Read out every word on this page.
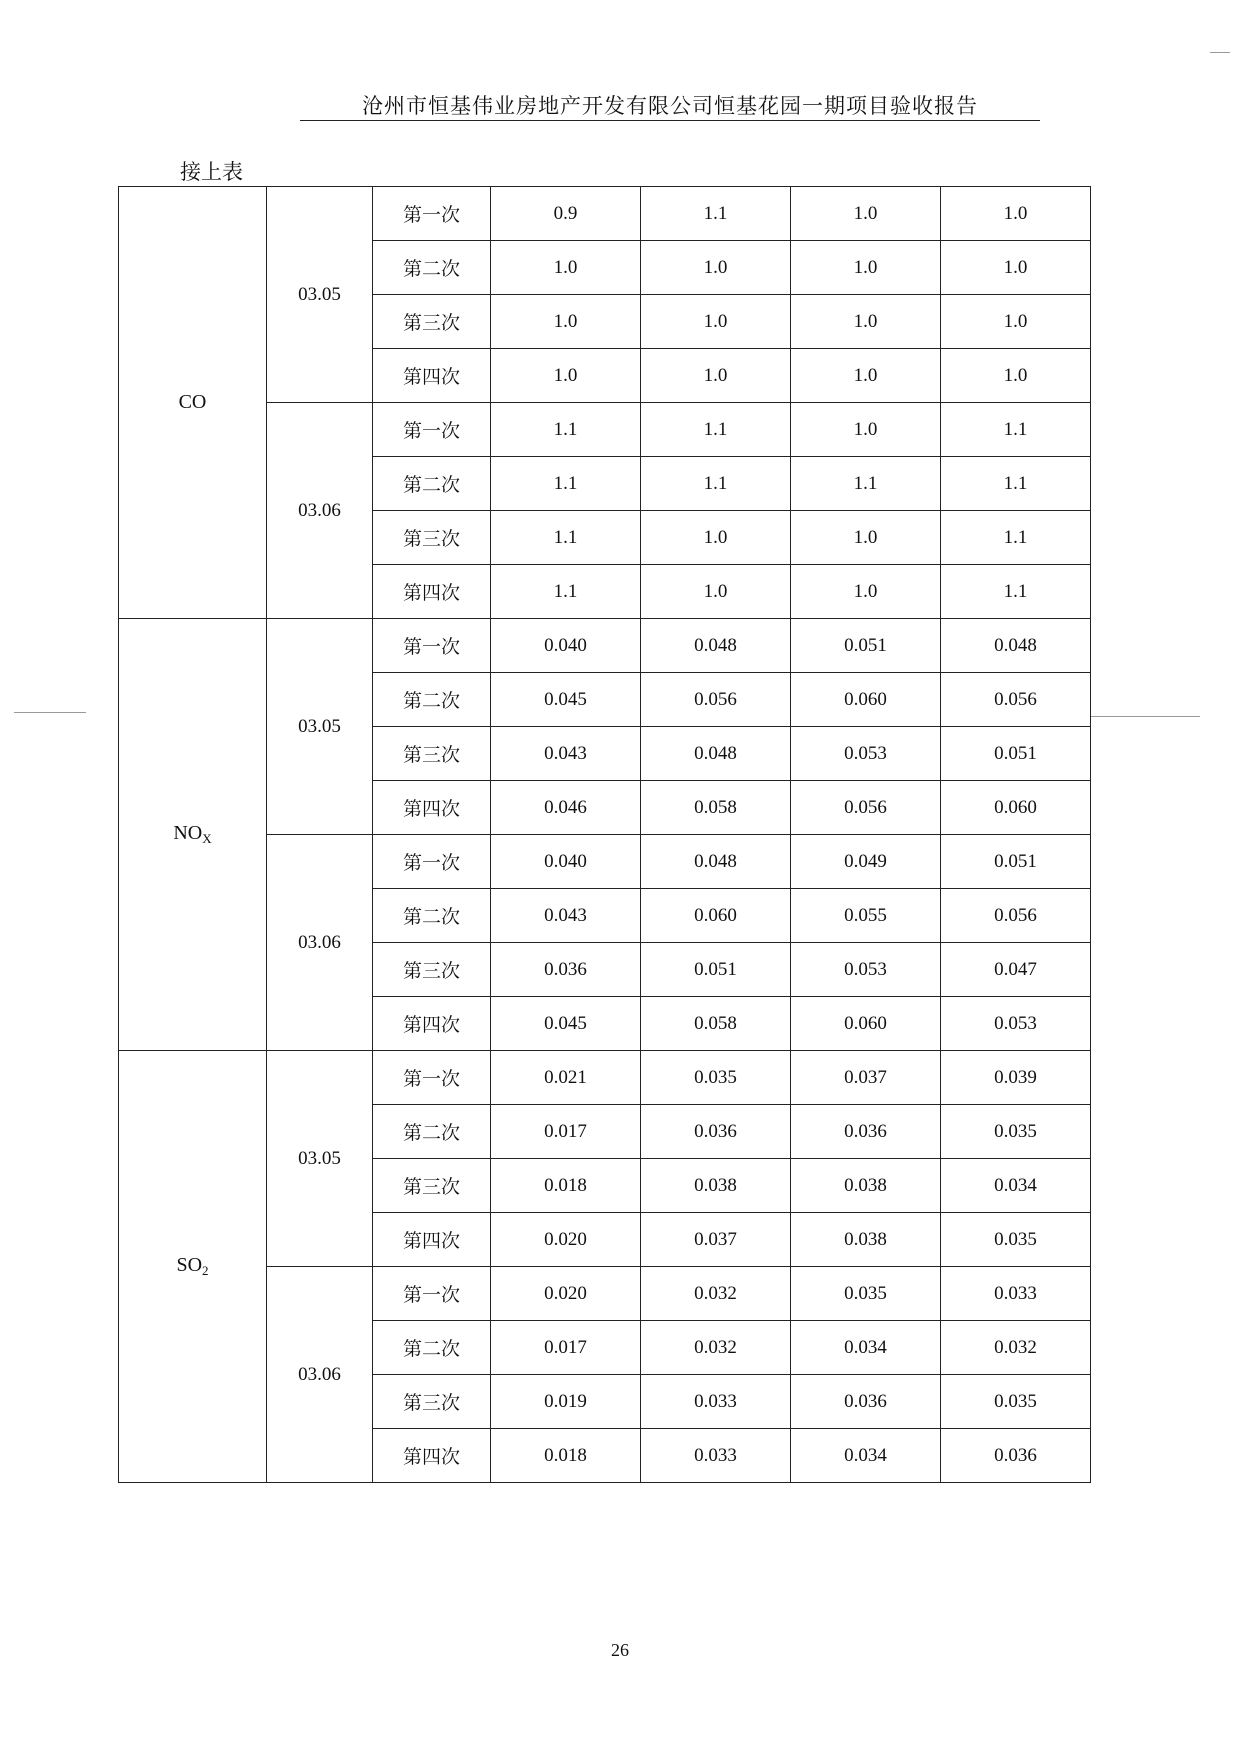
沧州市恒基伟业房地产开发有限公司恒基花园一期项目验收报告
接上表
CO	03.05	第一次	0.9	1.1	1.0	1.0
		第二次	1.0	1.0	1.0	1.0
		第三次	1.0	1.0	1.0	1.0
		第四次	1.0	1.0	1.0	1.0
	03.06	第一次	1.1	1.1	1.0	1.1
		第二次	1.1	1.1	1.1	1.1
		第三次	1.1	1.0	1.0	1.1
		第四次	1.1	1.0	1.0	1.1
$NO_X$	03.05	第一次	0.040	0.048	0.051	0.048
		第二次	0.045	0.056	0.060	0.056
		第三次	0.043	0.048	0.053	0.051
		第四次	0.046	0.058	0.056	0.060
	03.06	第一次	0.040	0.048	0.049	0.051
		第二次	0.043	0.060	0.055	0.056
		第三次	0.036	0.051	0.053	0.047
		第四次	0.045	0.058	0.060	0.053
$SO_2$	03.05	第一次	0.021	0.035	0.037	0.039
		第二次	0.017	0.036	0.036	0.035
		第三次	0.018	0.038	0.038	0.034
		第四次	0.020	0.037	0.038	0.035
	03.06	第一次	0.020	0.032	0.035	0.033
		第二次	0.017	0.032	0.034	0.032
		第三次	0.019	0.033	0.036	0.035
		第四次	0.018	0.033	0.034	0.036
26
